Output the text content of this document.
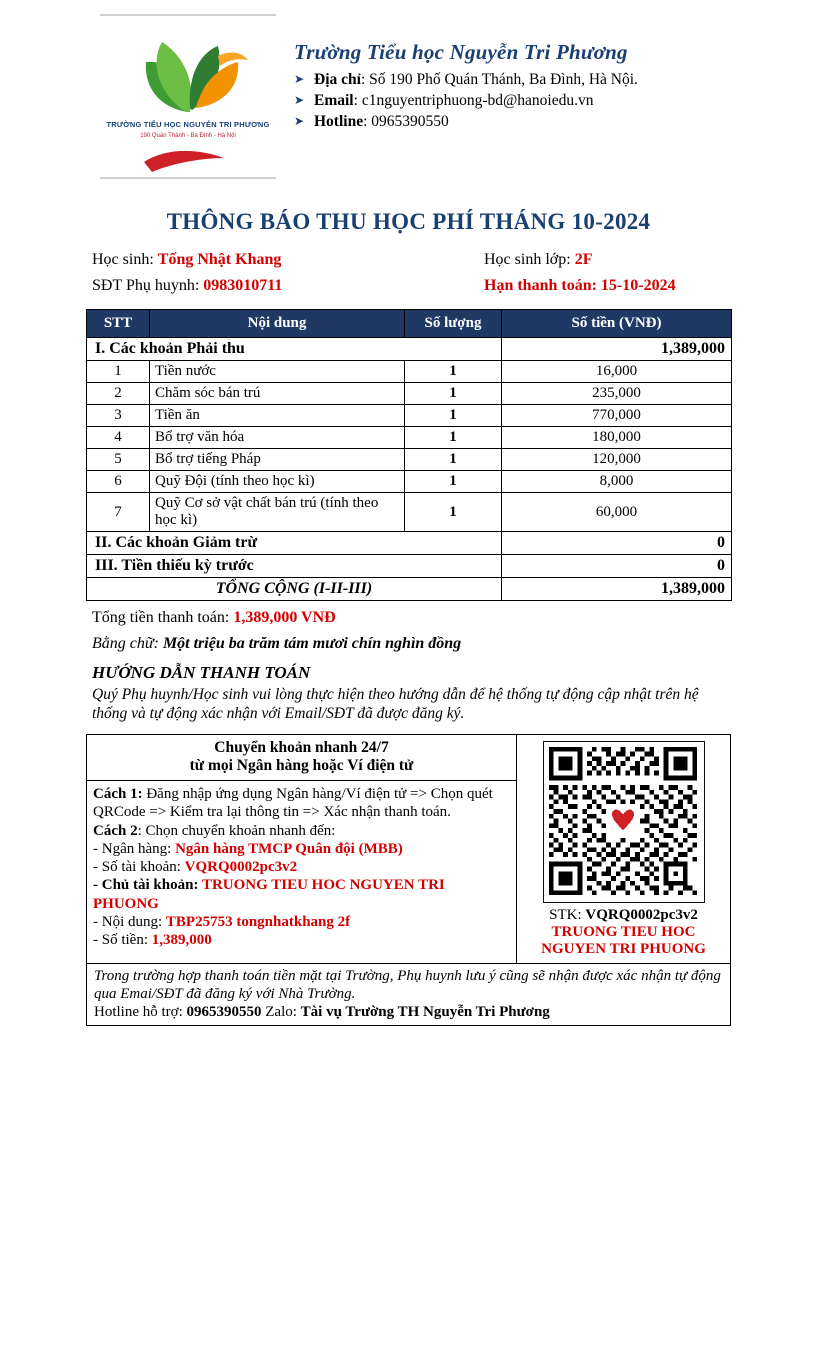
TRƯỜNG TIỂU HỌC NGUYỄN TRI PHƯƠNG
190 Quán Thánh - Ba Đình - Hà Nội
Trường Tiểu học Nguyễn Tri Phương
➤ Địa chỉ: Số 190 Phố Quán Thánh, Ba Đình, Hà Nội.
➤ Email: c1nguyentriphuong-bd@hanoiedu.vn
➤ Hotline: 0965390550
THÔNG BÁO THU HỌC PHÍ THÁNG 10-2024
Học sinh: Tống Nhật Khang	Học sinh lớp: 2F
SĐT Phụ huynh: 0983010711	Hạn thanh toán: 15-10-2024
STT	Nội dung	Số lượng	Số tiền (VNĐ)
I. Các khoản Phải thu			1,389,000
1	Tiền nước	1	16,000
2	Chăm sóc bán trú	1	235,000
3	Tiền ăn	1	770,000
4	Bổ trợ văn hóa	1	180,000
5	Bổ trợ tiếng Pháp	1	120,000
6	Quỹ Đội (tính theo học kì)	1	8,000
7	Quỹ Cơ sở vật chất bán trú (tính theo học kì)	1	60,000
II. Các khoản Giảm trừ			0
III. Tiền thiếu kỳ trước			0
TỔNG CỘNG (I-II-III)			1,389,000
Tổng tiền thanh toán: 1,389,000 VNĐ
Bằng chữ: Một triệu ba trăm tám mươi chín nghìn đồng
HƯỚNG DẪN THANH TOÁN
Quý Phụ huynh/Học sinh vui lòng thực hiện theo hướng dẫn để hệ thống tự động cập nhật trên hệ thống và tự động xác nhận với Email/SĐT đã được đăng ký.
Chuyển khoản nhanh 24/7
từ mọi Ngân hàng hoặc Ví điện tử

Cách 1: Đăng nhập ứng dụng Ngân hàng/Ví điện tử => Chọn quét QRCode => Kiểm tra lại thông tin => Xác nhận thanh toán.

Cách 2: Chọn chuyển khoản nhanh đến:

- Ngân hàng: Ngân hàng TMCP Quân đội (MBB)

- Số tài khoản: VQRQ0002pc3v2

- Chủ tài khoản: TRUONG TIEU HOC NGUYEN TRI PHUONG

- Nội dung: TBP25753 tongnhatkhang 2f

- Số tiền: 1,389,000

STK: VQRQ0002pc3v2
TRUONG TIEU HOC
NGUYEN TRI PHUONG
Trong trường hợp thanh toán tiền mặt tại Trường, Phụ huynh lưu ý cũng sẽ nhận được xác nhận tự động qua Emai/SĐT đã đăng ký với Nhà Trường.
Hotline hỗ trợ: 0965390550 Zalo: Tài vụ Trường TH Nguyễn Tri Phương
